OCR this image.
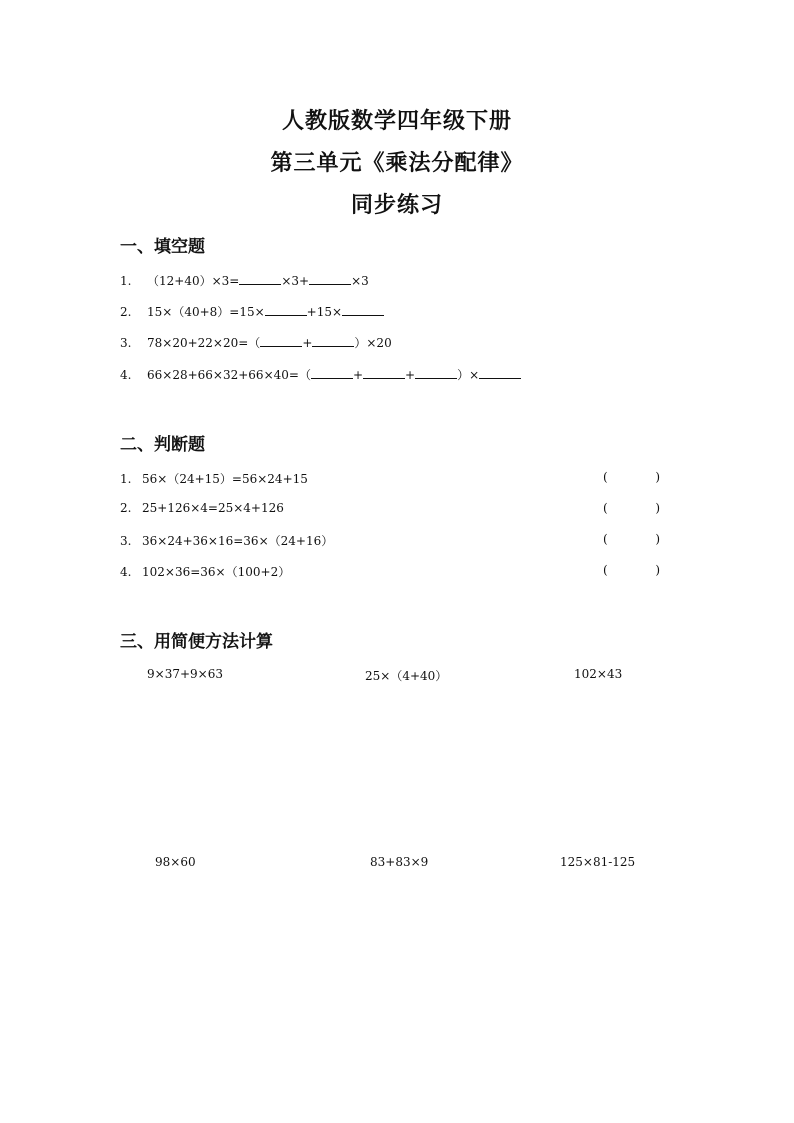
人教版数学四年级下册
第三单元《乘法分配律》
同步练习
一、填空题
1. （12+40）×3=	×3+	×3
2. 15×（40+8）=15×	+15×
3. 78×20+22×20=（	+	）×20
4. 66×28+66×32+66×40=（	+	+	）×
二、判断题
1. 56×（24+15）=56×24+15	(	)
2. 25+126×4=25×4+126	(	)
3. 36×24+36×16=36×（24+16）	(	)
4. 102×36=36×（100+2）	(	)
三、用简便方法计算
9×37+9×63	25×（4+40）	102×43
98×60	83+83×9	125×81-125
